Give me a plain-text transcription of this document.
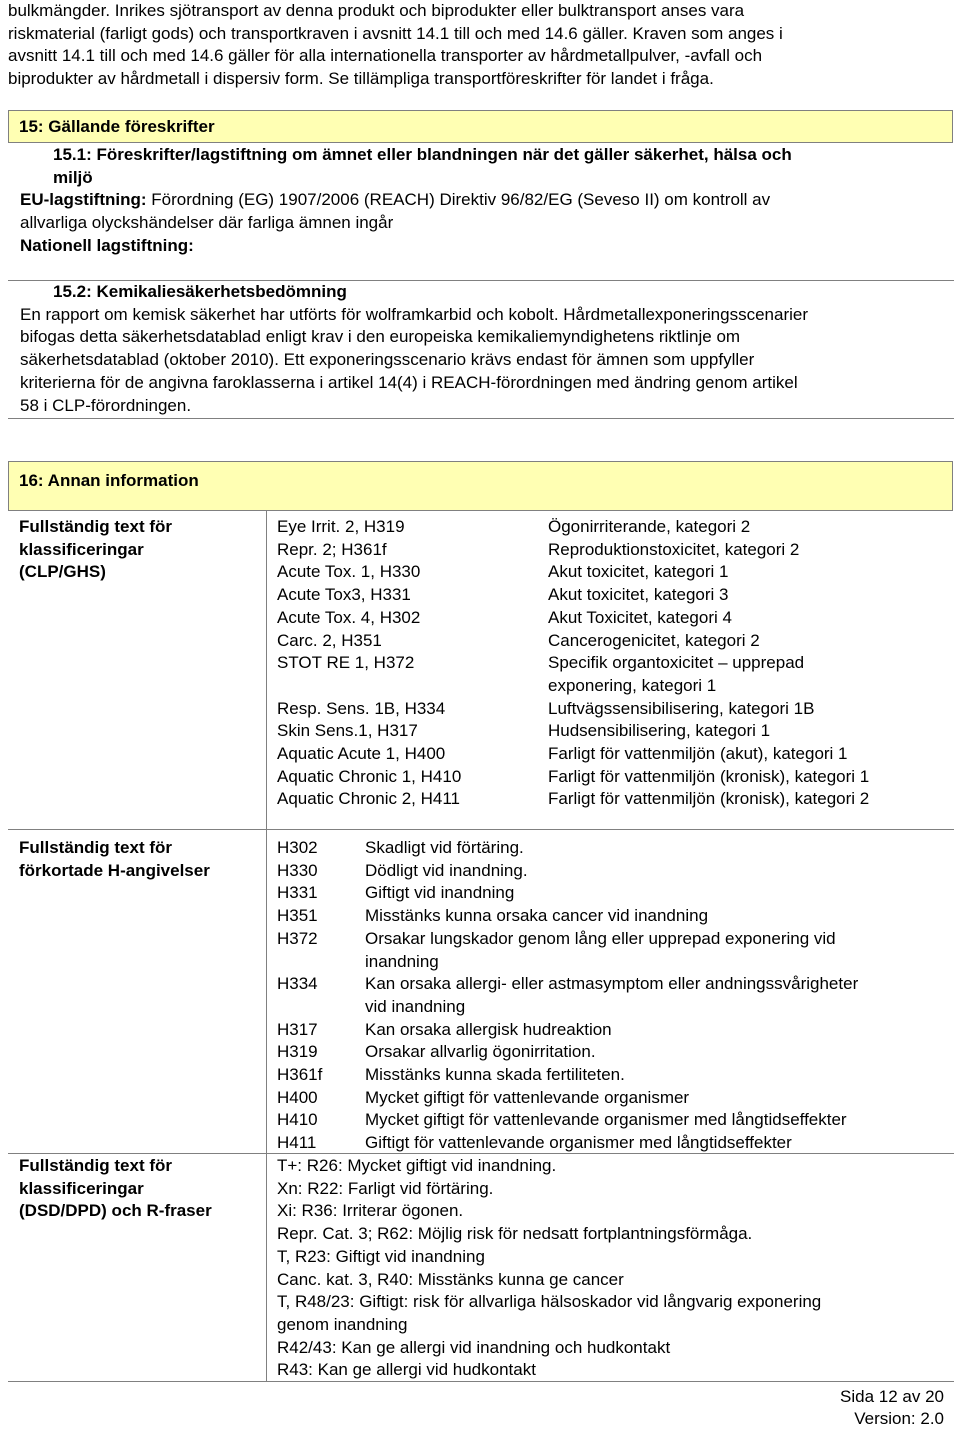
bulkmängder. Inrikes sjötransport av denna produkt och biprodukter eller bulktransport anses vara
riskmaterial (farligt gods) och transportkraven i avsnitt 14.1 till och med 14.6 gäller. Kraven som anges i
avsnitt 14.1 till och med 14.6 gäller för alla internationella transporter av hårdmetallpulver, -avfall och
biprodukter av hårdmetall i dispersiv form. Se tillämpliga transportföreskrifter för landet i fråga.
15: Gällande föreskrifter
15.1: Föreskrifter/lagstiftning om ämnet eller blandningen när det gäller säkerhet, hälsa och
miljö
EU-lagstiftning: Förordning (EG) 1907/2006 (REACH) Direktiv 96/82/EG (Seveso II) om kontroll av
allvarliga olyckshändelser där farliga ämnen ingår
Nationell lagstiftning:
15.2: Kemikaliesäkerhetsbedömning
En rapport om kemisk säkerhet har utförts för wolframkarbid och kobolt. Hårdmetallexponeringsscenarier
bifogas detta säkerhetsdatablad enligt krav i den europeiska kemikaliemyndighetens riktlinje om
säkerhetsdatablad (oktober 2010). Ett exponeringsscenario krävs endast för ämnen som uppfyller
kriterierna för de angivna faroklasserna i artikel 14(4) i REACH-förordningen med ändring genom artikel
58 i CLP-förordningen.
16: Annan information
Fullständig text för
klassificeringar
(CLP/GHS)
Eye Irrit. 2, H319	Ögonirriterande, kategori 2
Repr. 2; H361f	Reproduktionstoxicitet, kategori 2
Acute Tox. 1, H330	Akut toxicitet, kategori 1
Acute Tox3, H331	Akut toxicitet, kategori 3
Acute Tox. 4, H302	Akut Toxicitet, kategori 4
Carc. 2, H351	Cancerogenicitet, kategori 2
STOT RE 1, H372	Specifik organtoxicitet – upprepad
exponering, kategori 1
Resp. Sens. 1B, H334	Luftvägssensibilisering, kategori 1B
Skin Sens.1, H317	Hudsensibilisering, kategori 1
Aquatic Acute 1, H400	Farligt för vattenmiljön (akut), kategori 1
Aquatic Chronic 1, H410	Farligt för vattenmiljön (kronisk), kategori 1
Aquatic Chronic 2, H411	Farligt för vattenmiljön (kronisk), kategori 2
Fullständig text för
förkortade H-angivelser
H302	Skadligt vid förtäring.
H330	Dödligt vid inandning.
H331	Giftigt vid inandning
H351	Misstänks kunna orsaka cancer vid inandning
H372	Orsakar lungskador genom lång eller upprepad exponering vid
inandning
H334	Kan orsaka allergi- eller astmasymptom eller andningssvårigheter
vid inandning
H317	Kan orsaka allergisk hudreaktion
H319	Orsakar allvarlig ögonirritation.
H361f	Misstänks kunna skada fertiliteten.
H400	Mycket giftigt för vattenlevande organismer
H410	Mycket giftigt för vattenlevande organismer med långtidseffekter
H411	Giftigt för vattenlevande organismer med långtidseffekter
Fullständig text för
klassificeringar
(DSD/DPD) och R-fraser
T+: R26: Mycket giftigt vid inandning.
Xn: R22: Farligt vid förtäring.
Xi: R36: Irriterar ögonen.
Repr. Cat. 3; R62: Möjlig risk för nedsatt fortplantningsförmåga.
T, R23: Giftigt vid inandning
Canc. kat. 3, R40: Misstänks kunna ge cancer
T, R48/23: Giftigt: risk för allvarliga hälsoskador vid långvarig exponering
genom inandning
R42/43: Kan ge allergi vid inandning och hudkontakt
R43: Kan ge allergi vid hudkontakt
Sida 12 av 20
Version: 2.0
